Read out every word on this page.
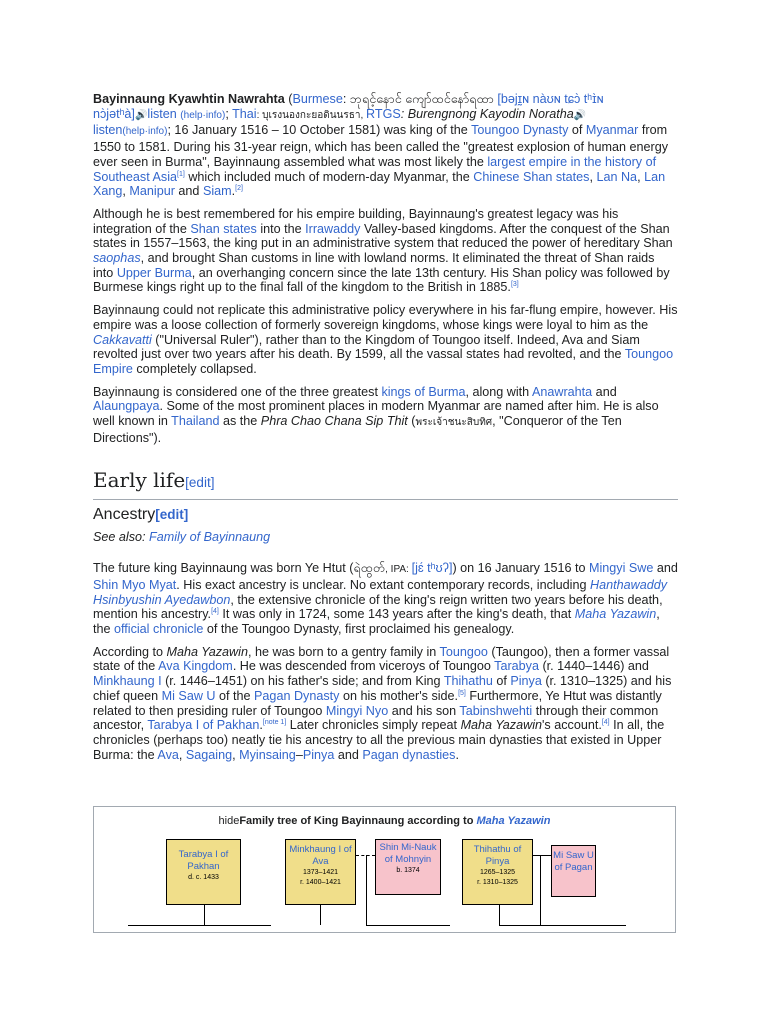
Bayinnaung Kyawhtin Nawrahta (Burmese: ဘုရင့်နောင် ကျော်ထင်နော်ရထာ [bəjɪ̰ɴ nàʊɴ tɕɔ̀ tʰɪ̀ɴ
nɔ̀jətʰà]🔊listen (help·info); Thai: บุเรงนองกะยอดินนรธา, RTGS: Burengnong Kayodin Noratha🔊
listen(help·info); 16 January 1516 – 10 October 1581) was king of the Toungoo Dynasty of Myanmar from 1550 to 1581. During his 31-year reign, which has been called the "greatest explosion of human energy ever seen in Burma", Bayinnaung assembled what was most likely the largest empire in the history of Southeast Asia[1] which included much of modern-day Myanmar, the Chinese Shan states, Lan Na, Lan Xang, Manipur and Siam.[2]

Although he is best remembered for his empire building, Bayinnaung's greatest legacy was his integration of the Shan states into the Irrawaddy Valley-based kingdoms. After the conquest of the Shan states in 1557–1563, the king put in an administrative system that reduced the power of hereditary Shan saophas, and brought Shan customs in line with lowland norms. It eliminated the threat of Shan raids into Upper Burma, an overhanging concern since the late 13th century. His Shan policy was followed by Burmese kings right up to the final fall of the kingdom to the British in 1885.[3]

Bayinnaung could not replicate this administrative policy everywhere in his far-flung empire, however. His empire was a loose collection of formerly sovereign kingdoms, whose kings were loyal to him as the Cakkavatti ("Universal Ruler"), rather than to the Kingdom of Toungoo itself. Indeed, Ava and Siam revolted just over two years after his death. By 1599, all the vassal states had revolted, and the Toungoo Empire completely collapsed.

Bayinnaung is considered one of the three greatest kings of Burma, along with Anawrahta and Alaungpaya. Some of the most prominent places in modern Myanmar are named after him. He is also well known in Thailand as the Phra Chao Chana Sip Thit (พระเจ้าชนะสิบทิศ, "Conqueror of the Ten Directions").

Early life[edit]
Ancestry[edit]
See also: Family of Bayinnaung

The future king Bayinnaung was born Ye Htut (ရဲထွတ်, IPA: [jɛ́ tʰʊʔ]) on 16 January 1516 to Mingyi Swe and Shin Myo Myat. His exact ancestry is unclear. No extant contemporary records, including Hanthawaddy Hsinbyushin Ayedawbon, the extensive chronicle of the king's reign written two years before his death, mention his ancestry.[4] It was only in 1724, some 143 years after the king's death, that Maha Yazawin, the official chronicle of the Toungoo Dynasty, first proclaimed his genealogy.

According to Maha Yazawin, he was born to a gentry family in Toungoo (Taungoo), then a former vassal state of the Ava Kingdom. He was descended from viceroys of Toungoo Tarabya (r. 1440–1446) and Minkhaung I (r. 1446–1451) on his father's side; and from King Thihathu of Pinya (r. 1310–1325) and his chief queen Mi Saw U of the Pagan Dynasty on his mother's side.[5] Furthermore, Ye Htut was distantly related to then presiding ruler of Toungoo Mingyi Nyo and his son Tabinshwehti through their common ancestor, Tarabya I of Pakhan.[note 1] Later chronicles simply repeat Maha Yazawin's account.[4] In all, the chronicles (perhaps too) neatly tie his ancestry to all the previous main dynasties that existed in Upper Burma: the Ava, Sagaing, Myinsaing–Pinya and Pagan dynasties.

hideFamily tree of King Bayinnaung according to Maha Yazawin
Tarabya I of Pakhan
d. c. 1433
Minkhaung I of Ava
1373–1421
r. 1400–1421
Shin Mi-Nauk of Mohnyin
b. 1374
Thihathu of Pinya
1265–1325
r. 1310–1325
Mi Saw U of Pagan
